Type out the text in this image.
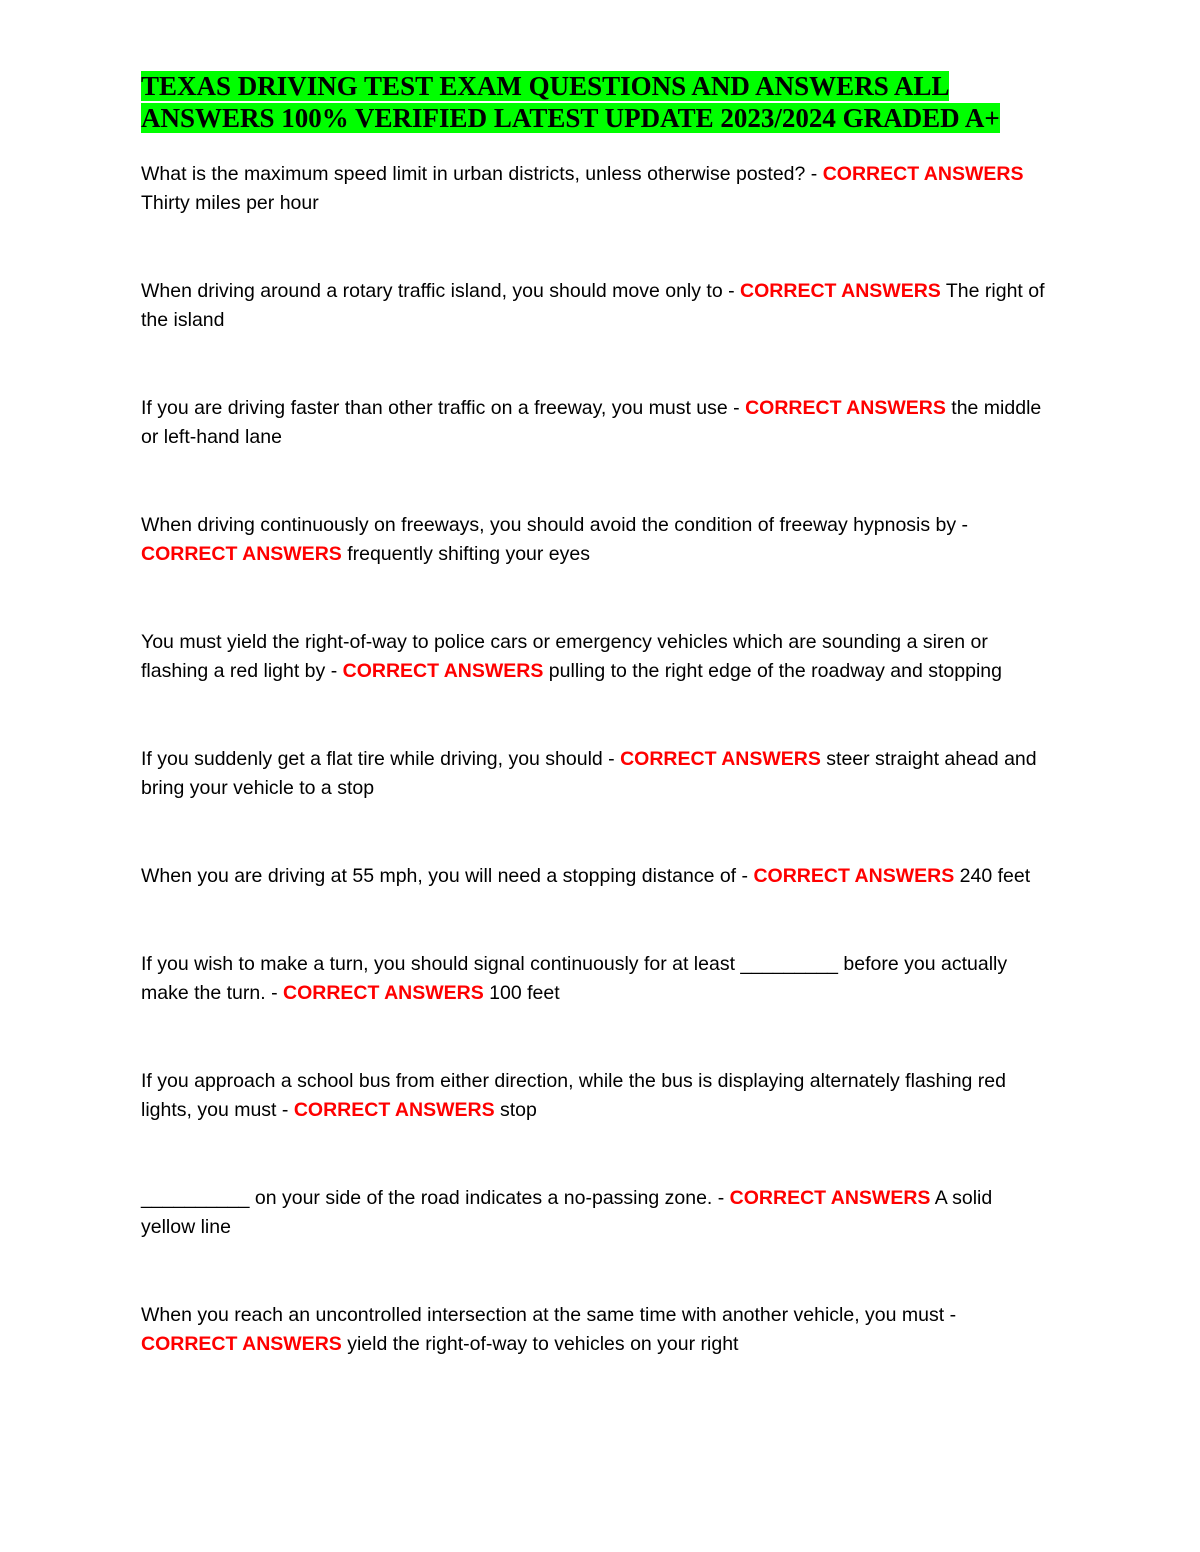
TEXAS DRIVING TEST EXAM QUESTIONS AND ANSWERS ALL ANSWERS 100% VERIFIED LATEST UPDATE 2023/2024 GRADED A+

What is the maximum speed limit in urban districts, unless otherwise posted? - CORRECT ANSWERS Thirty miles per hour

When driving around a rotary traffic island, you should move only to - CORRECT ANSWERS The right of the island

If you are driving faster than other traffic on a freeway, you must use - CORRECT ANSWERS the middle or left-hand lane

When driving continuously on freeways, you should avoid the condition of freeway hypnosis by - CORRECT ANSWERS frequently shifting your eyes

You must yield the right-of-way to police cars or emergency vehicles which are sounding a siren or flashing a red light by - CORRECT ANSWERS pulling to the right edge of the roadway and stopping

If you suddenly get a flat tire while driving, you should - CORRECT ANSWERS steer straight ahead and bring your vehicle to a stop

When you are driving at 55 mph, you will need a stopping distance of - CORRECT ANSWERS 240 feet

If you wish to make a turn, you should signal continuously for at least _________ before you actually make the turn. - CORRECT ANSWERS 100 feet

If you approach a school bus from either direction, while the bus is displaying alternately flashing red lights, you must - CORRECT ANSWERS stop

__________ on your side of the road indicates a no-passing zone. - CORRECT ANSWERS A solid yellow line

When you reach an uncontrolled intersection at the same time with another vehicle, you must - CORRECT ANSWERS yield the right-of-way to vehicles on your right
